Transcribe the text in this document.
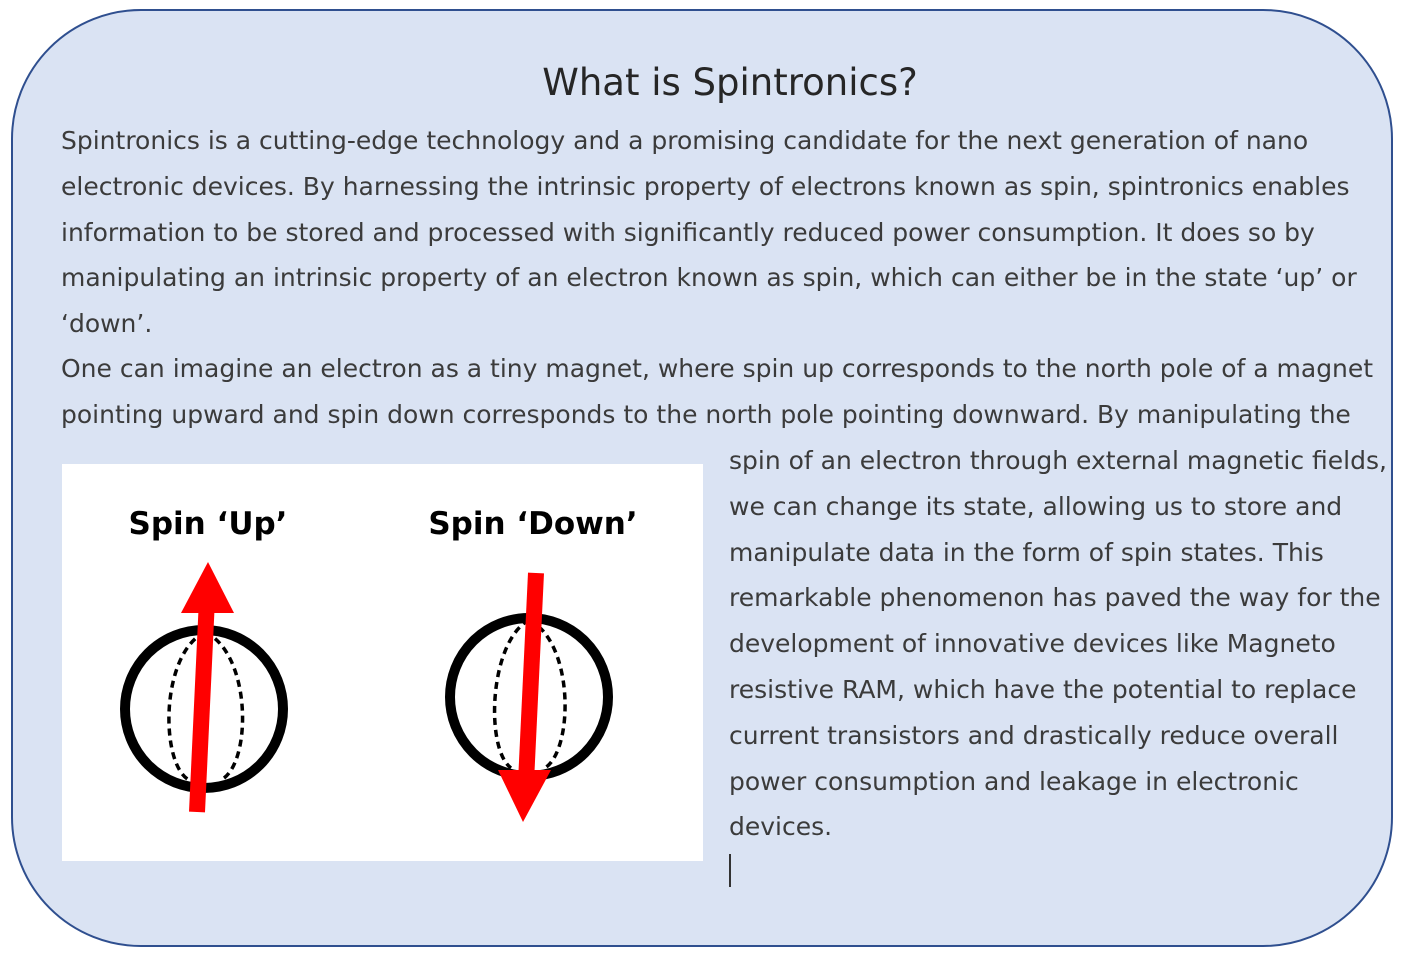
What is Spintronics?

Spintronics is a cutting-edge technology and a promising candidate for the next generation of nano
electronic devices. By harnessing the intrinsic property of electrons known as spin, spintronics enables
information to be stored and processed with significantly reduced power consumption. It does so by
manipulating an intrinsic property of an electron known as spin, which can either be in the state ‘up’ or
‘down’.

One can imagine an electron as a tiny magnet, where spin up corresponds to the north pole of a magnet
pointing upward and spin down corresponds to the north pole pointing downward. By manipulating the

Spin ‘Up’	Spin ‘Down’

spin of an electron through external magnetic fields,
we can change its state, allowing us to store and
manipulate data in the form of spin states. This
remarkable phenomenon has paved the way for the
development of innovative devices like Magneto
resistive RAM, which have the potential to replace
current transistors and drastically reduce overall
power consumption and leakage in electronic
devices.
